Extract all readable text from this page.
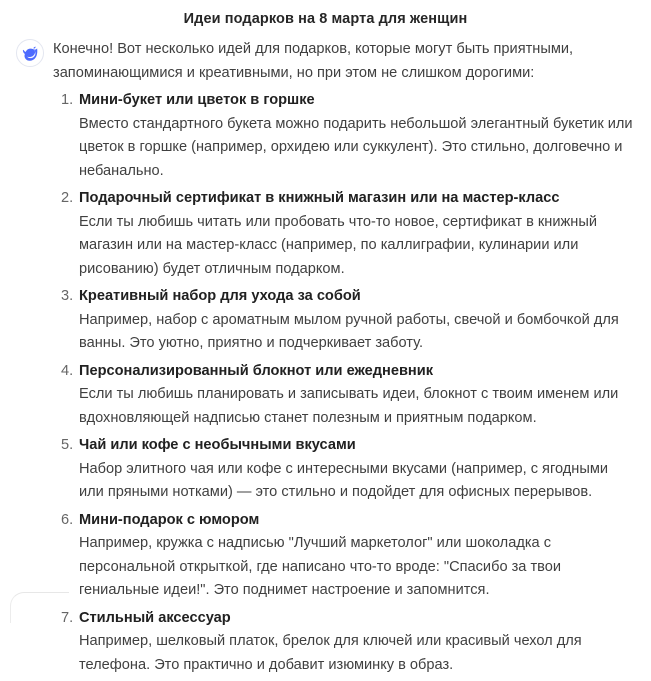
Идеи подарков на 8 марта для женщин

Конечно! Вот несколько идей для подарков, которые могут быть приятными, запоминающимися и креативными, но при этом не слишком дорогими:

1. Мини-букет или цветок в горшке
Вместо стандартного букета можно подарить небольшой элегантный букетик или цветок в горшке (например, орхидею или суккулент). Это стильно, долговечно и небанально.
2. Подарочный сертификат в книжный магазин или на мастер-класс
Если ты любишь читать или пробовать что-то новое, сертификат в книжный магазин или на мастер-класс (например, по каллиграфии, кулинарии или рисованию) будет отличным подарком.
3. Креативный набор для ухода за собой
Например, набор с ароматным мылом ручной работы, свечой и бомбочкой для ванны. Это уютно, приятно и подчеркивает заботу.
4. Персонализированный блокнот или ежедневник
Если ты любишь планировать и записывать идеи, блокнот с твоим именем или вдохновляющей надписью станет полезным и приятным подарком.
5. Чай или кофе с необычными вкусами
Набор элитного чая или кофе с интересными вкусами (например, с ягодными или пряными нотками) — это стильно и подойдет для офисных перерывов.
6. Мини-подарок с юмором
Например, кружка с надписью "Лучший маркетолог" или шоколадка с персональной открыткой, где написано что-то вроде: "Спасибо за твои гениальные идеи!". Это поднимет настроение и запомнится.
7. Стильный аксессуар
Например, шелковый платок, брелок для ключей или красивый чехол для телефона. Это практично и добавит изюминку в образ.
